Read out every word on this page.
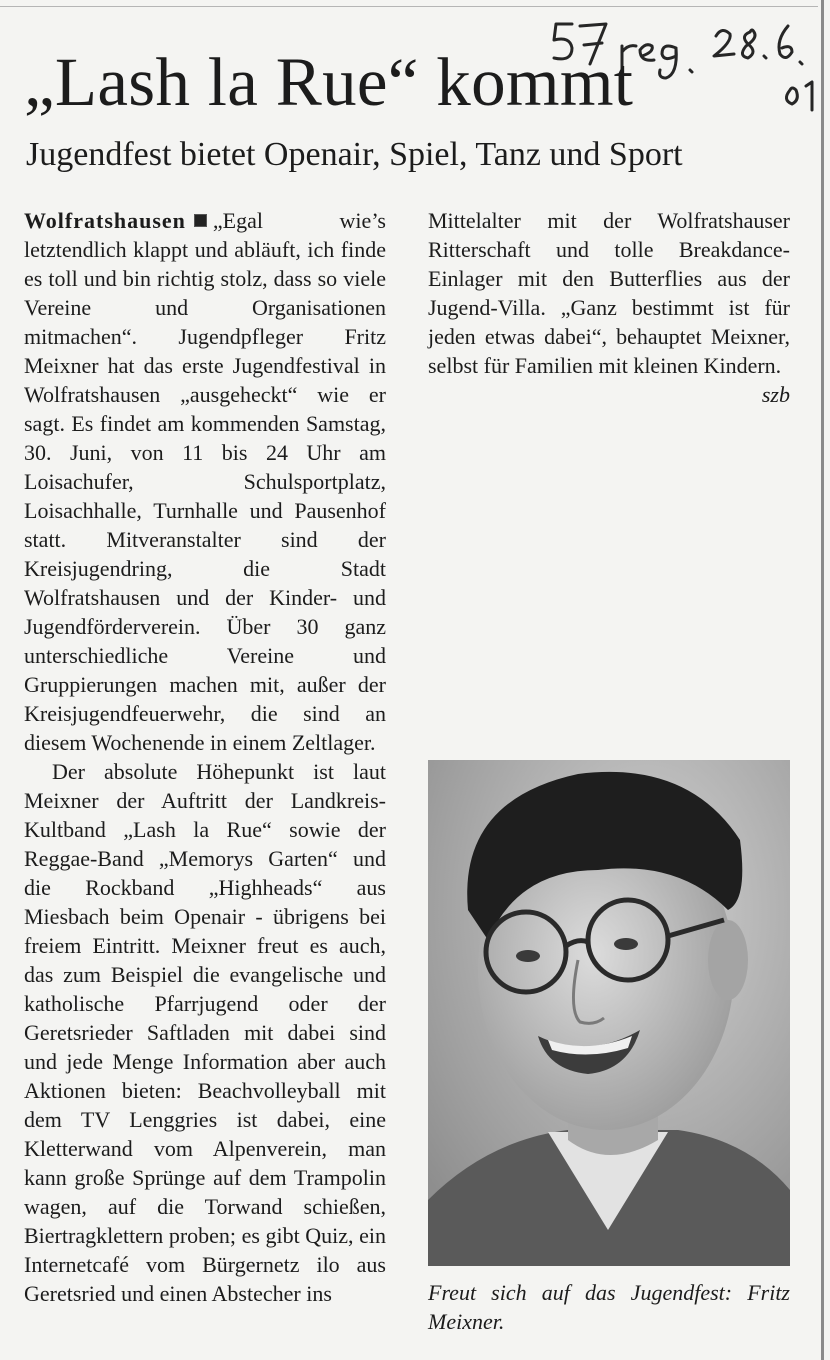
„Lash la Rue“ kommt
Jugendfest bietet Openair, Spiel, Tanz und Sport

Wolfratshausen „Egal wie’s letztendlich klappt und abläuft, ich finde es toll und bin richtig stolz, dass so viele Vereine und Organisationen mitmachen“. Jugendpfleger Fritz Meixner hat das erste Jugendfestival in Wolfratshausen „ausgeheckt“ wie er sagt. Es findet am kommenden Samstag, 30. Juni, von 11 bis 24 Uhr am Loisachufer, Schulsportplatz, Loisachhalle, Turnhalle und Pausenhof statt. Mitveranstalter sind der Kreisjugendring, die Stadt Wolfratshausen und der Kinder- und Jugendförderverein. Über 30 ganz unterschiedliche Vereine und Gruppierungen machen mit, außer der Kreisjugendfeuerwehr, die sind an diesem Wochenende in einem Zeltlager.

Der absolute Höhepunkt ist laut Meixner der Auftritt der Landkreis-Kultband „Lash la Rue“ sowie der Reggae-Band „Memorys Garten“ und die Rockband „Highheads“ aus Miesbach beim Openair - übrigens bei freiem Eintritt. Meixner freut es auch, das zum Beispiel die evangelische und katholische Pfarrjugend oder der Geretsrieder Saftladen mit dabei sind und jede Menge Information aber auch Aktionen bieten: Beachvolleyball mit dem TV Lenggries ist dabei, eine Kletterwand vom Alpenverein, man kann große Sprünge auf dem Trampolin wagen, auf die Torwand schießen, Biertragklettern proben; es gibt Quiz, ein Internetcafé vom Bürgernetz ilo aus Geretsried und einen Abstecher ins

Mittelalter mit der Wolfratshauser Ritterschaft und tolle Breakdance-Einlager mit den Butterflies aus der Jugend-Villa. „Ganz bestimmt ist für jeden etwas dabei“, behauptet Meixner, selbst für Familien mit kleinen Kindern.

szb

Freut sich auf das Jugendfest: Fritz Meixner.
